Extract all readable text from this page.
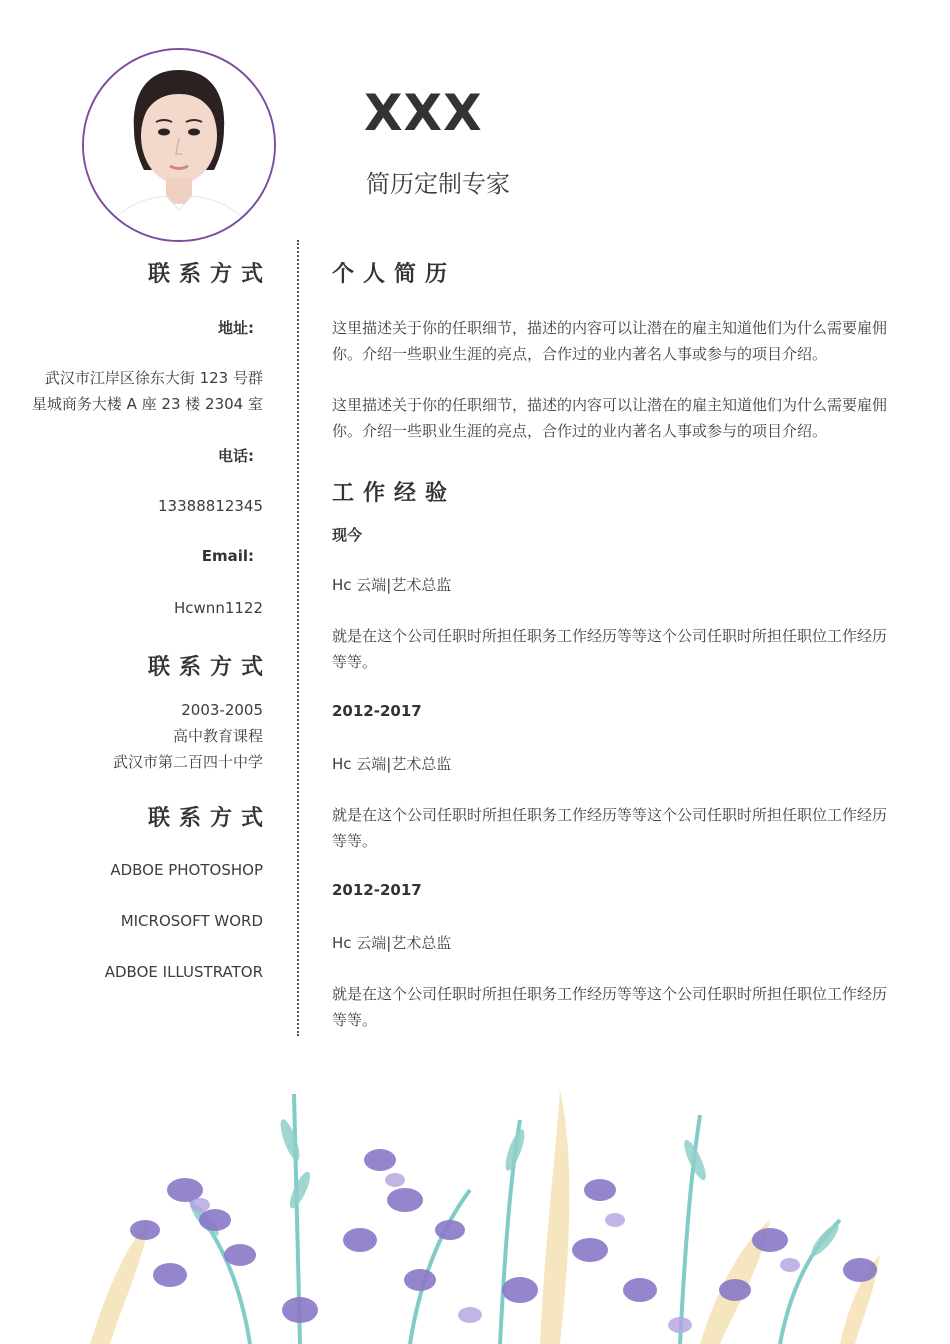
XXX
简历定制专家
联系方式
地址:
武汉市江岸区徐东大街 123 号群
星城商务大楼 A 座 23 楼 2304 室
电话:
13388812345
Email:
Hcwnn1122
联系方式
2003-2005
高中教育课程
武汉市第二百四十中学
联系方式
ADBOE PHOTOSHOP
MICROSOFT WORD
ADBOE ILLUSTRATOR
个人简历
这里描述关于你的任职细节，描述的内容可以让潜在的雇主知道他们为什么需要雇佣你。介绍一些职业生涯的亮点，合作过的业内著名人事或参与的项目介绍。
这里描述关于你的任职细节，描述的内容可以让潜在的雇主知道他们为什么需要雇佣你。介绍一些职业生涯的亮点，合作过的业内著名人事或参与的项目介绍。
工作经验
现今
Hc 云端|艺术总监
就是在这个公司任职时所担任职务工作经历等等这个公司任职时所担任职位工作经历等等。
2012-2017
Hc 云端|艺术总监
就是在这个公司任职时所担任职务工作经历等等这个公司任职时所担任职位工作经历等等。
2012-2017
Hc 云端|艺术总监
就是在这个公司任职时所担任职务工作经历等等这个公司任职时所担任职位工作经历等等。
